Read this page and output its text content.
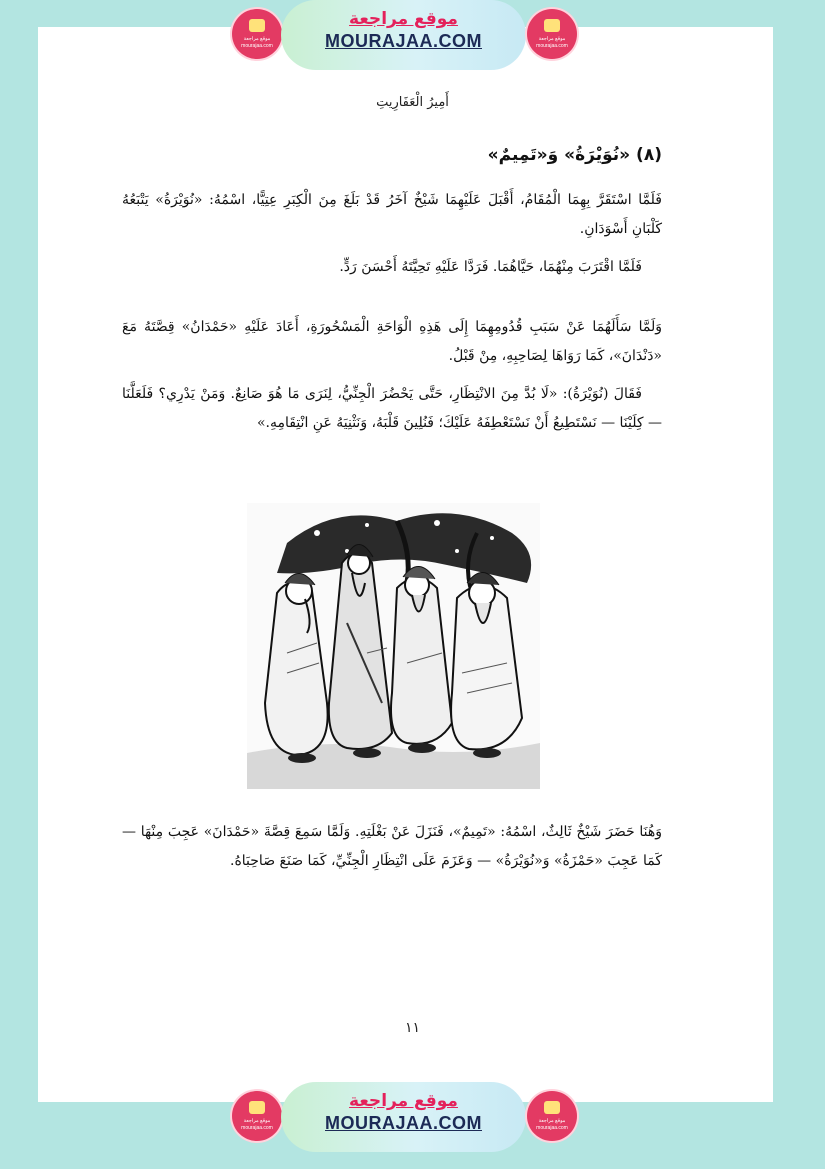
موقع مراجعة
mourajaa.com
موقع مراجعة
MOURAJAA.COM	موقع مراجعة
mourajaa.com
أَمِيرُ الْعَفَارِيتِ
(٨) «نُوَيْرَةُ» وَ«تَمِيمٌ»
فَلَمَّا اسْتَقَرَّ بِهِمَا الْمُقَامُ، أَقْبَلَ عَلَيْهِمَا شَيْخٌ آخَرُ قَدْ بَلَغَ مِنَ الْكِبَرِ عِتِيًّا، اسْمُهُ: «نُوَيْرَةُ» يَتْبَعُهُ كَلْبَانِ أَسْوَدَانِ.
فَلَمَّا اقْتَرَبَ مِنْهُمَا، حَيَّاهُمَا. فَرَدَّا عَلَيْهِ تَحِيَّتَهُ أَحْسَنَ رَدٍّ.
وَلَمَّا سَأَلَهُمَا عَنْ سَبَبِ قُدُومِهِمَا إِلَى هَذِهِ الْوَاحَةِ الْمَسْحُورَةِ، أَعَادَ عَلَيْهِ «حَمْدَانُ» قِصَّتَهُ مَعَ «دَنْدَانَ»، كَمَا رَوَاهَا لِصَاحِبِهِ، مِنْ قَبْلُ.
فَقَالَ (نُوَيْرَةُ): «لَا بُدَّ مِنَ الانْتِظَارِ، حَتَّى يَحْضُرَ الْجِنِّيُّ، لِنَرَى مَا هُوَ صَانِعٌ. وَمَنْ يَدْرِي؟ فَلَعَلَّنَا — كِلَيْنَا — نَسْتَطِيعُ أَنْ نَسْتَعْطِفَهُ عَلَيْكَ؛ فَنُلِينَ قَلْبَهُ، وَنَثْنِيَهُ عَنِ انْتِقَامِهِ.»
وَهُنَا حَضَرَ شَيْخٌ ثَالِثٌ، اسْمُهُ: «تَمِيمٌ»، فَنَزَلَ عَنْ بَغْلَتِهِ. وَلَمَّا سَمِعَ قِصَّةَ «حَمْدَانَ» عَجِبَ مِنْهَا — كَمَا عَجِبَ «حَمْزَةُ» وَ«نُوَيْرَةُ» — وَعَزَمَ عَلَى انْتِظَارِ الْجِنِّيِّ، كَمَا صَنَعَ صَاحِبَاهُ.
١١
موقع مراجعة
mourajaa.com
موقع مراجعة
MOURAJAA.COM	موقع مراجعة
mourajaa.com
